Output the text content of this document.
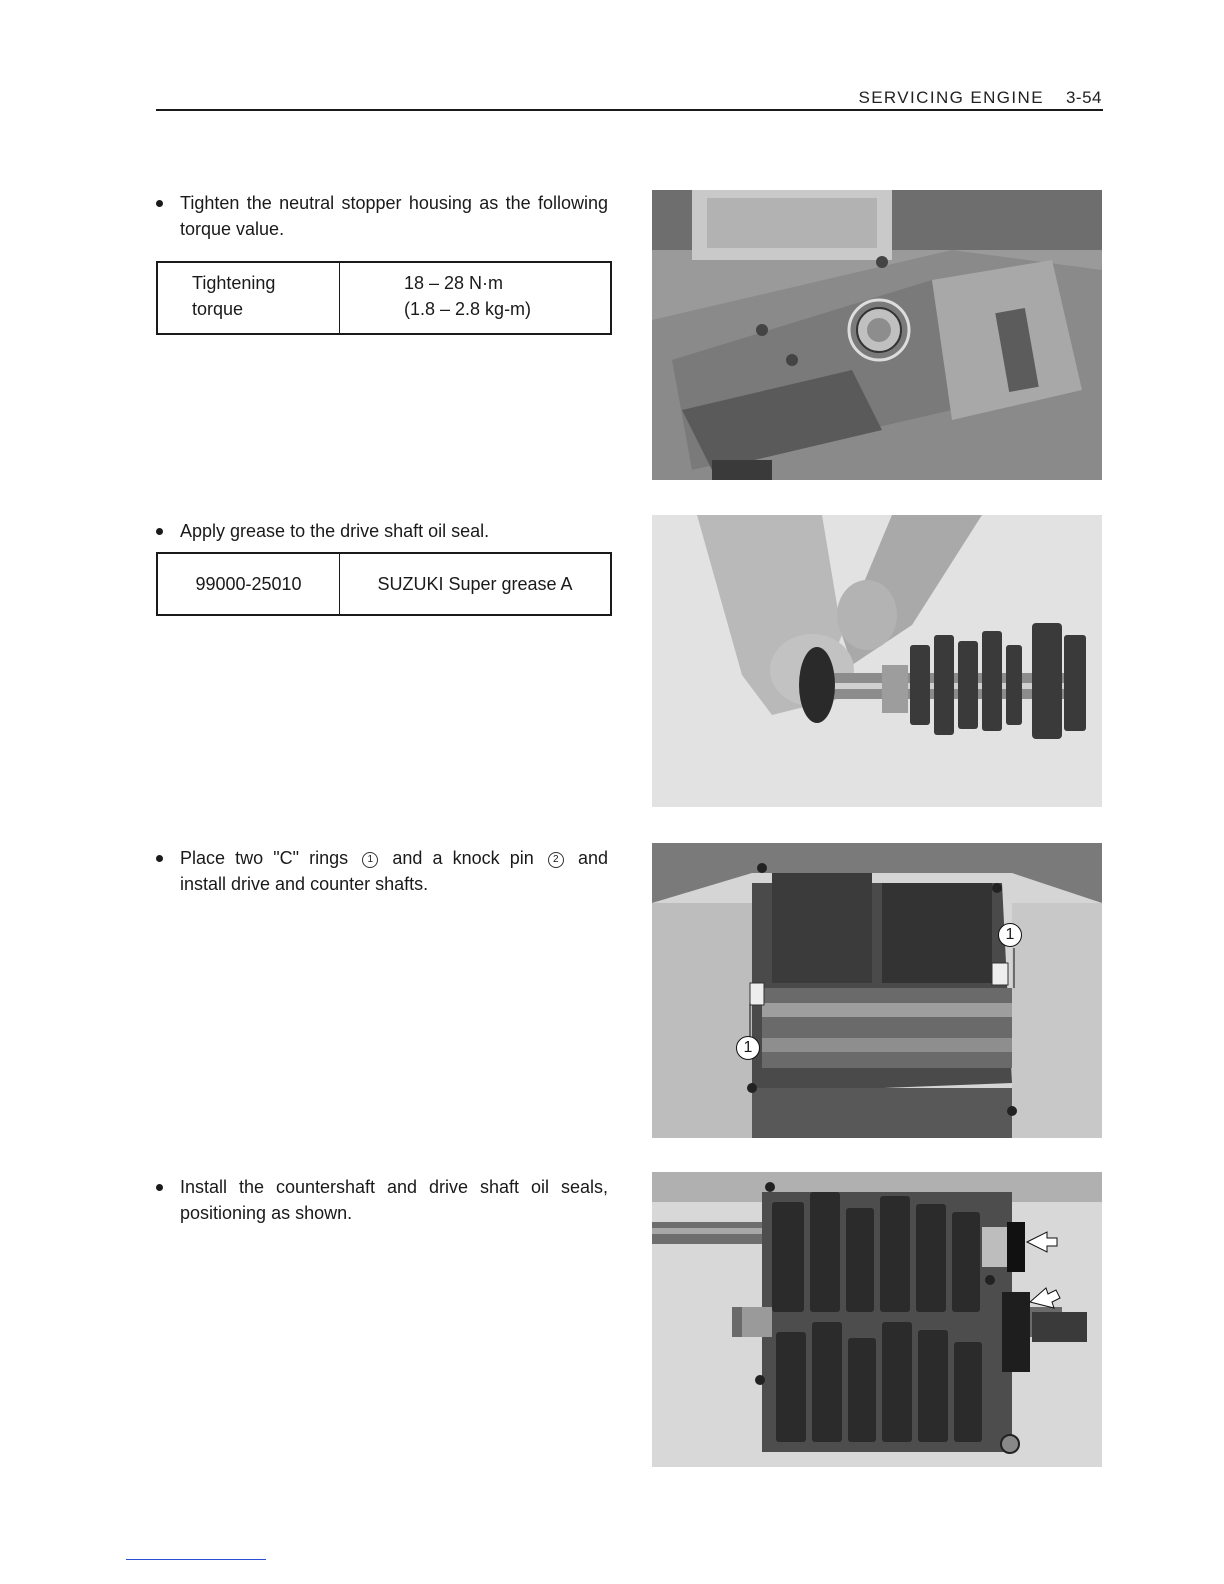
SERVICING ENGINE 3-54
Tighten the neutral stopper housing as the following torque value.
Tightening
torque
18 – 28 N·m
(1.8 – 2.8 kg-m)
Apply grease to the drive shaft oil seal.
99000-25010	SUZUKI Super grease A
Place two "C" rings 1 and a knock pin 2 and install drive and counter shafts.
1
1
Install the countershaft and drive shaft oil seals, positioning as shown.
